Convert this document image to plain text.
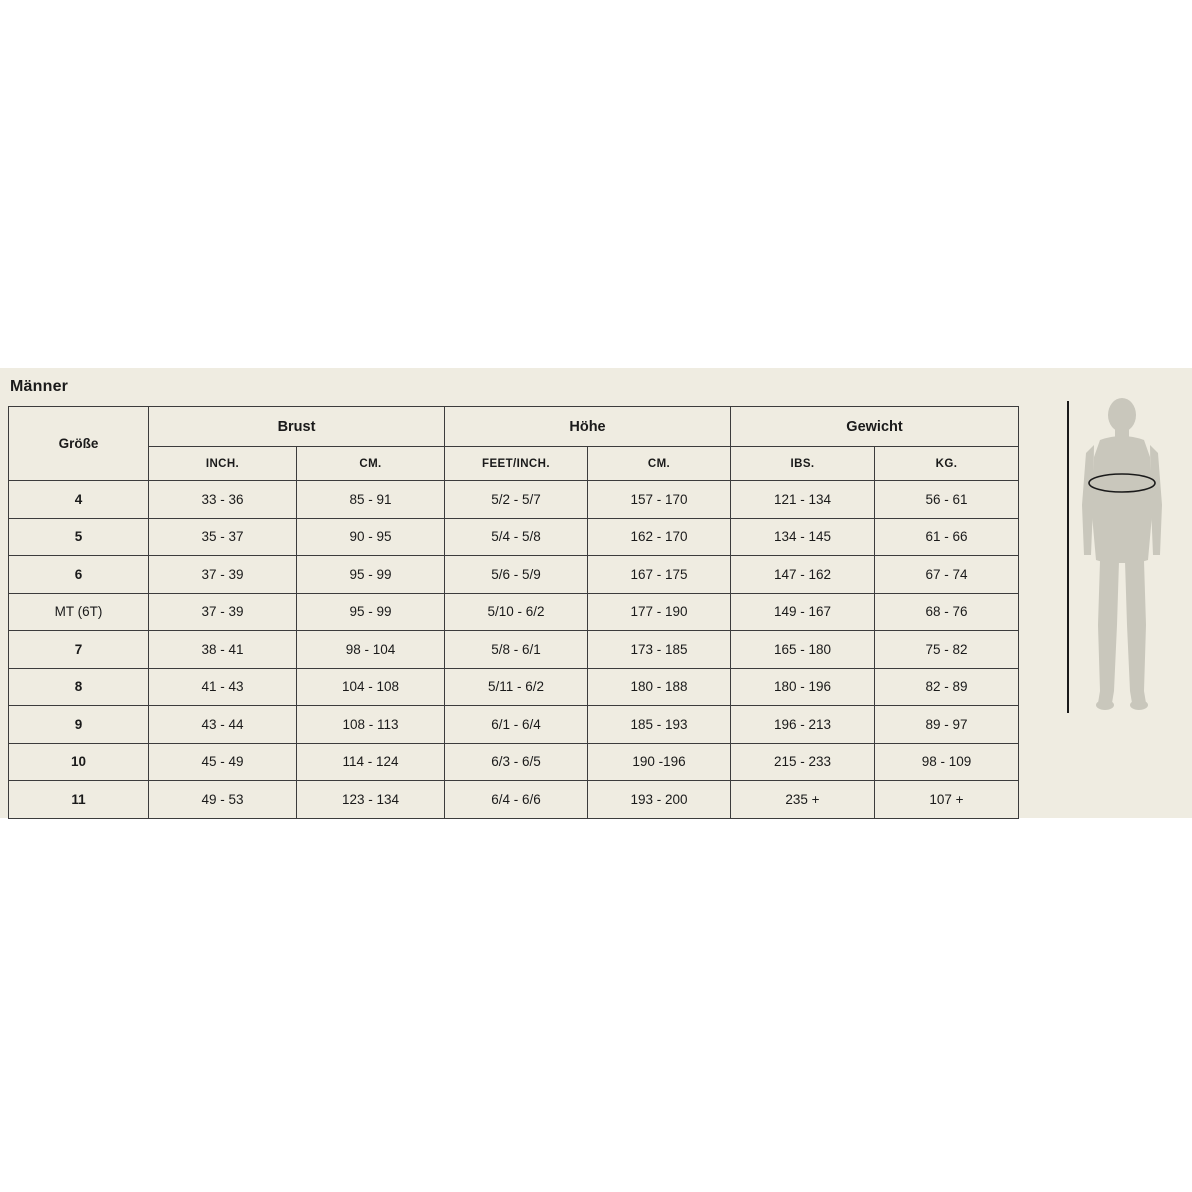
Männer
Größe	Brust		Höhe		Gewicht	
	INCH.	CM.	FEET/INCH.	CM.	IBS.	KG.
4	33 - 36	85 - 91	5/2 - 5/7	157 - 170	121 - 134	56 - 61
5	35 - 37	90 - 95	5/4 - 5/8	162 - 170	134 - 145	61 - 66
6	37 - 39	95 - 99	5/6 - 5/9	167 - 175	147 - 162	67 - 74
MT (6T)	37 - 39	95 - 99	5/10 - 6/2	177 - 190	149 - 167	68 - 76
7	38 - 41	98 - 104	5/8 - 6/1	173 - 185	165 - 180	75 - 82
8	41 - 43	104 - 108	5/11 - 6/2	180 - 188	180 - 196	82 - 89
9	43 - 44	108 - 113	6/1 - 6/4	185 - 193	196 - 213	89 - 97
10	45 - 49	114 - 124	6/3 - 6/5	190 -196	215 - 233	98 - 109
11	49 - 53	123 - 134	6/4 - 6/6	193 - 200	235 +	107 +
